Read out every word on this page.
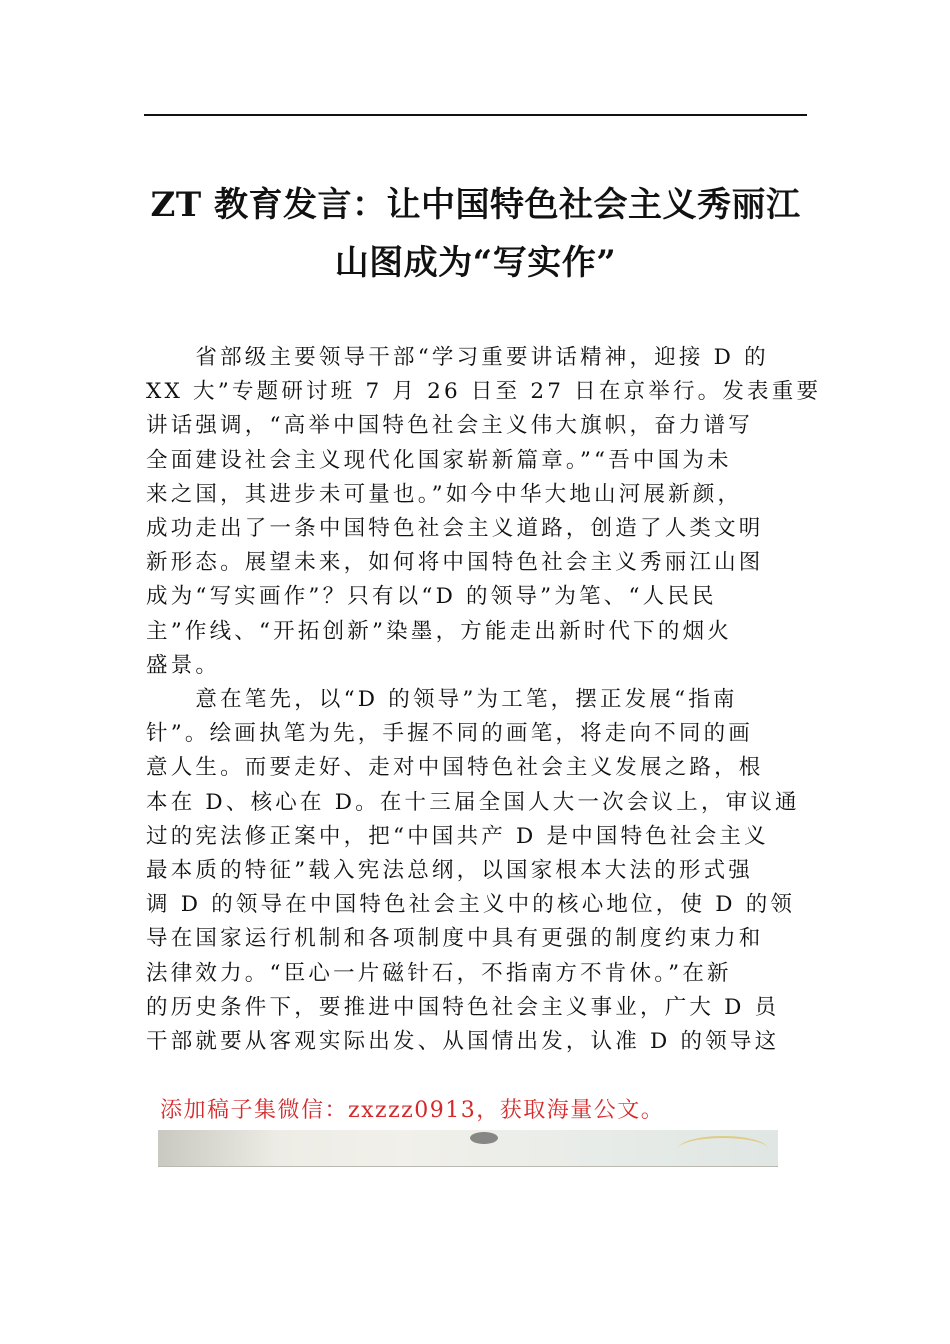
ZT 教育发言：让中国特色社会主义秀丽江
山图成为“写实作”
　　省部级主要领导干部“学习重要讲话精神，迎接 D 的
XX 大”专题研讨班 7 月 26 日至 27 日在京举行。发表重要
讲话强调，“高举中国特色社会主义伟大旗帜，奋力谱写
全面建设社会主义现代化国家崭新篇章。”“吾中国为未
来之国，其进步未可量也。”如今中华大地山河展新颜，
成功走出了一条中国特色社会主义道路，创造了人类文明
新形态。展望未来，如何将中国特色社会主义秀丽江山图
成为“写实画作”？只有以“D 的领导”为笔、“人民民
主”作线、“开拓创新”染墨，方能走出新时代下的烟火
盛景。
　　意在笔先，以“D 的领导”为工笔，摆正发展“指南
针”。绘画执笔为先，手握不同的画笔，将走向不同的画
意人生。而要走好、走对中国特色社会主义发展之路，根
本在 D、核心在 D。在十三届全国人大一次会议上，审议通
过的宪法修正案中，把“中国共产 D 是中国特色社会主义
最本质的特征”载入宪法总纲，以国家根本大法的形式强
调 D 的领导在中国特色社会主义中的核心地位，使 D 的领
导在国家运行机制和各项制度中具有更强的制度约束力和
法律效力。“臣心一片磁针石，不指南方不肯休。”在新
的历史条件下，要推进中国特色社会主义事业，广大 D 员
干部就要从客观实际出发、从国情出发，认准 D 的领导这
添加稿子集微信：zxzzz0913，获取海量公文。
